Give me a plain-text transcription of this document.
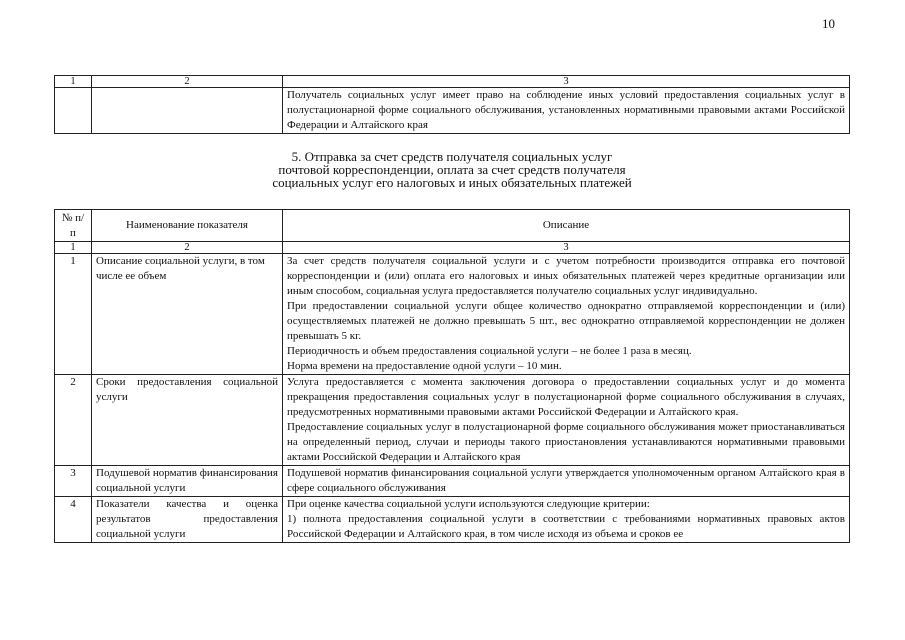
10
1	2	3
		Получатель социальных услуг имеет право на соблюдение иных условий предоставления социальных услуг в полустационарной форме социального обслуживания, установленных нормативными правовыми актами Российской Федерации и Алтайского края
5. Отправка за счет средств получателя социальных услуг
почтовой корреспонденции, оплата за счет средств получателя
социальных услуг его налоговых и иных обязательных платежей
№ п/п	Наименование показателя	Описание
1	2	3
1	Описание социальной услуги, в том числе ее объем	За счет средств получателя социальной услуги и с учетом потребности производится отправка его почтовой корреспонденции и (или) оплата его налоговых и иных обязательных платежей через кредитные организации или иным способом, социальная услуга предоставляется получателю социальных услуг индивидуально.
При предоставлении социальной услуги общее количество однократно отправляемой корреспонденции и (или) осуществляемых платежей не должно превышать 5 шт., вес однократно отправляемой корреспонденции не должен превышать 5 кг.
Периодичность и объем предоставления социальной услуги – не более 1 раза в месяц.
Норма времени на предоставление одной услуги – 10 мин.

2	Сроки предоставления социальной услуги	Услуга предоставляется с момента заключения договора о предоставлении социальных услуг и до момента прекращения предоставления социальных услуг в полустационарной форме социального обслуживания в случаях, предусмотренных нормативными правовыми актами Российской Федерации и Алтайского края.
Предоставление социальных услуг в полустационарной форме социального обслуживания может приостанавливаться на определенный период, случаи и периоды такого приостановления устанавливаются нормативными правовыми актами Российской Федерации и Алтайского края

3	Подушевой норматив финансирования социальной услуги	Подушевой норматив финансирования социальной услуги утверждается уполномоченным органом Алтайского края в сфере социального обслуживания

4	Показатели качества и оценка результатов предоставления социальной услуги	При оценке качества социальной услуги используются следующие критерии:
1) полнота предоставления социальной услуги в соответствии с требованиями нормативных правовых актов Российской Федерации и Алтайского края, в том числе исходя из объема и сроков ее
